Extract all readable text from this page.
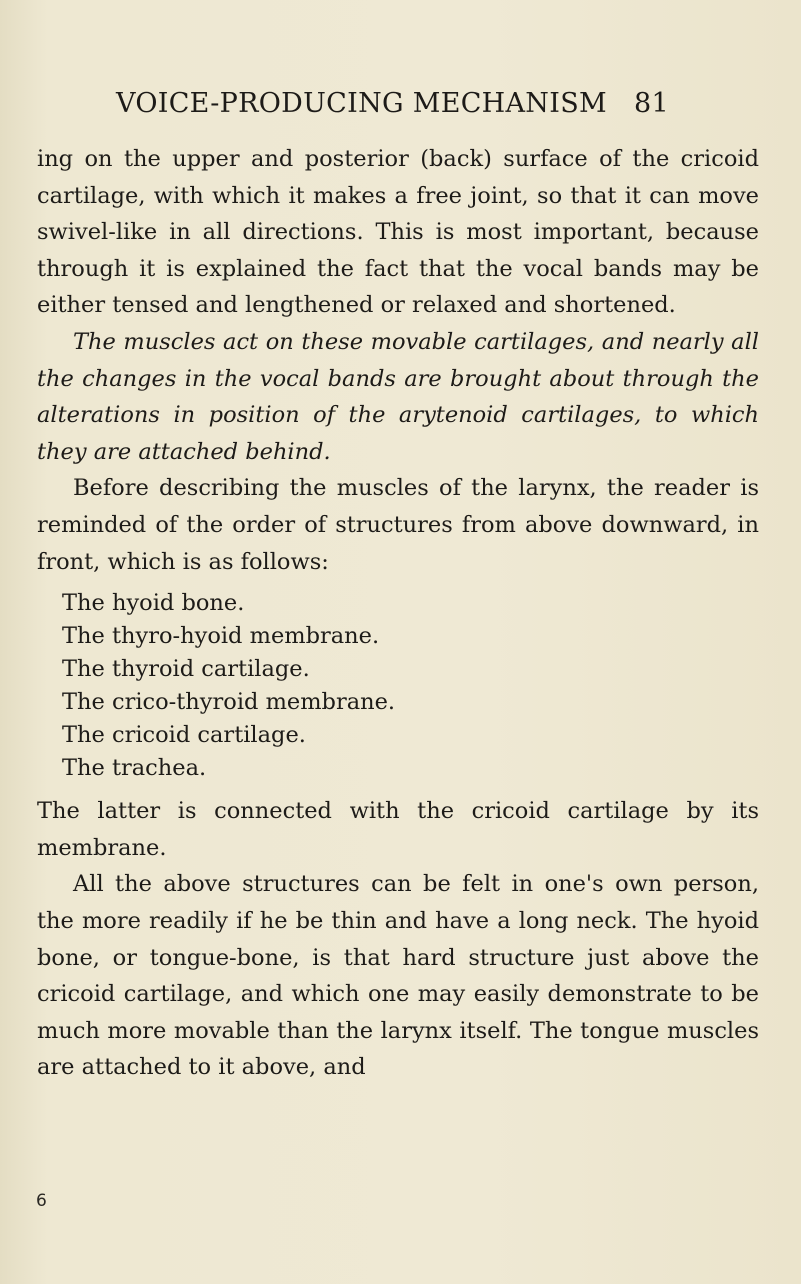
VOICE-PRODUCING MECHANISM 81

ing on the upper and posterior (back) surface of the cricoid cartilage, with which it makes a free joint, so that it can move swivel-like in all directions. This is most important, because through it is explained the fact that the vocal bands may be either tensed and lengthened or relaxed and shortened.

The muscles act on these movable cartilages, and nearly all the changes in the vocal bands are brought about through the alterations in position of the arytenoid cartilages, to which they are attached behind.

Before describing the muscles of the larynx, the reader is reminded of the order of structures from above downward, in front, which is as follows:

The hyoid bone.
The thyro-hyoid membrane.
The thyroid cartilage.
The crico-thyroid membrane.
The cricoid cartilage.
The trachea.

The latter is connected with the cricoid cartilage by its membrane.

All the above structures can be felt in one's own person, the more readily if he be thin and have a long neck. The hyoid bone, or tongue-bone, is that hard structure just above the cricoid cartilage, and which one may easily demonstrate to be much more movable than the larynx itself. The tongue muscles are attached to it above, and

6
